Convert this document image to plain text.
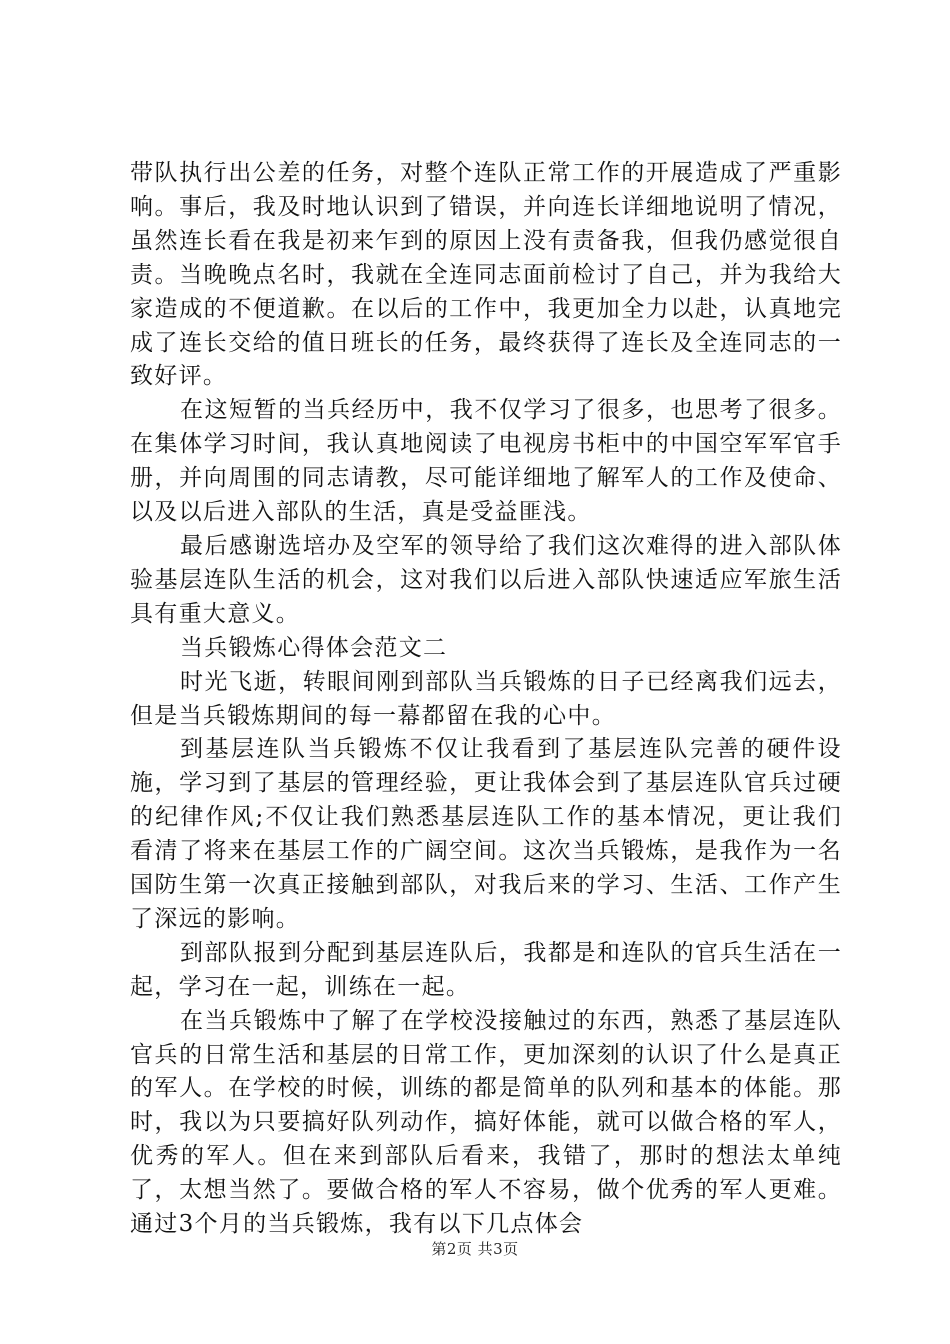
带队执行出公差的任务，对整个连队正常工作的开展造成了严重影响。事后，我及时地认识到了错误，并向连长详细地说明了情况，虽然连长看在我是初来乍到的原因上没有责备我，但我仍感觉很自责。当晚晚点名时，我就在全连同志面前检讨了自己，并为我给大家造成的不便道歉。在以后的工作中，我更加全力以赴，认真地完成了连长交给的值日班长的任务，最终获得了连长及全连同志的一致好评。

在这短暂的当兵经历中，我不仅学习了很多，也思考了很多。在集体学习时间，我认真地阅读了电视房书柜中的中国空军军官手册，并向周围的同志请教，尽可能详细地了解军人的工作及使命、以及以后进入部队的生活，真是受益匪浅。

最后感谢选培办及空军的领导给了我们这次难得的进入部队体验基层连队生活的机会，这对我们以后进入部队快速适应军旅生活具有重大意义。

当兵锻炼心得体会范文二

时光飞逝，转眼间刚到部队当兵锻炼的日子已经离我们远去，但是当兵锻炼期间的每一幕都留在我的心中。

到基层连队当兵锻炼不仅让我看到了基层连队完善的硬件设施，学习到了基层的管理经验，更让我体会到了基层连队官兵过硬的纪律作风;不仅让我们熟悉基层连队工作的基本情况，更让我们看清了将来在基层工作的广阔空间。这次当兵锻炼，是我作为一名国防生第一次真正接触到部队，对我后来的学习、生活、工作产生了深远的影响。

到部队报到分配到基层连队后，我都是和连队的官兵生活在一起，学习在一起，训练在一起。

在当兵锻炼中了解了在学校没接触过的东西，熟悉了基层连队官兵的日常生活和基层的日常工作，更加深刻的认识了什么是真正的军人。在学校的时候，训练的都是简单的队列和基本的体能。那时，我以为只要搞好队列动作，搞好体能，就可以做合格的军人，优秀的军人。但在来到部队后看来，我错了，那时的想法太单纯了，太想当然了。要做合格的军人不容易，做个优秀的军人更难。通过3个月的当兵锻炼，我有以下几点体会

第2页 共3页
